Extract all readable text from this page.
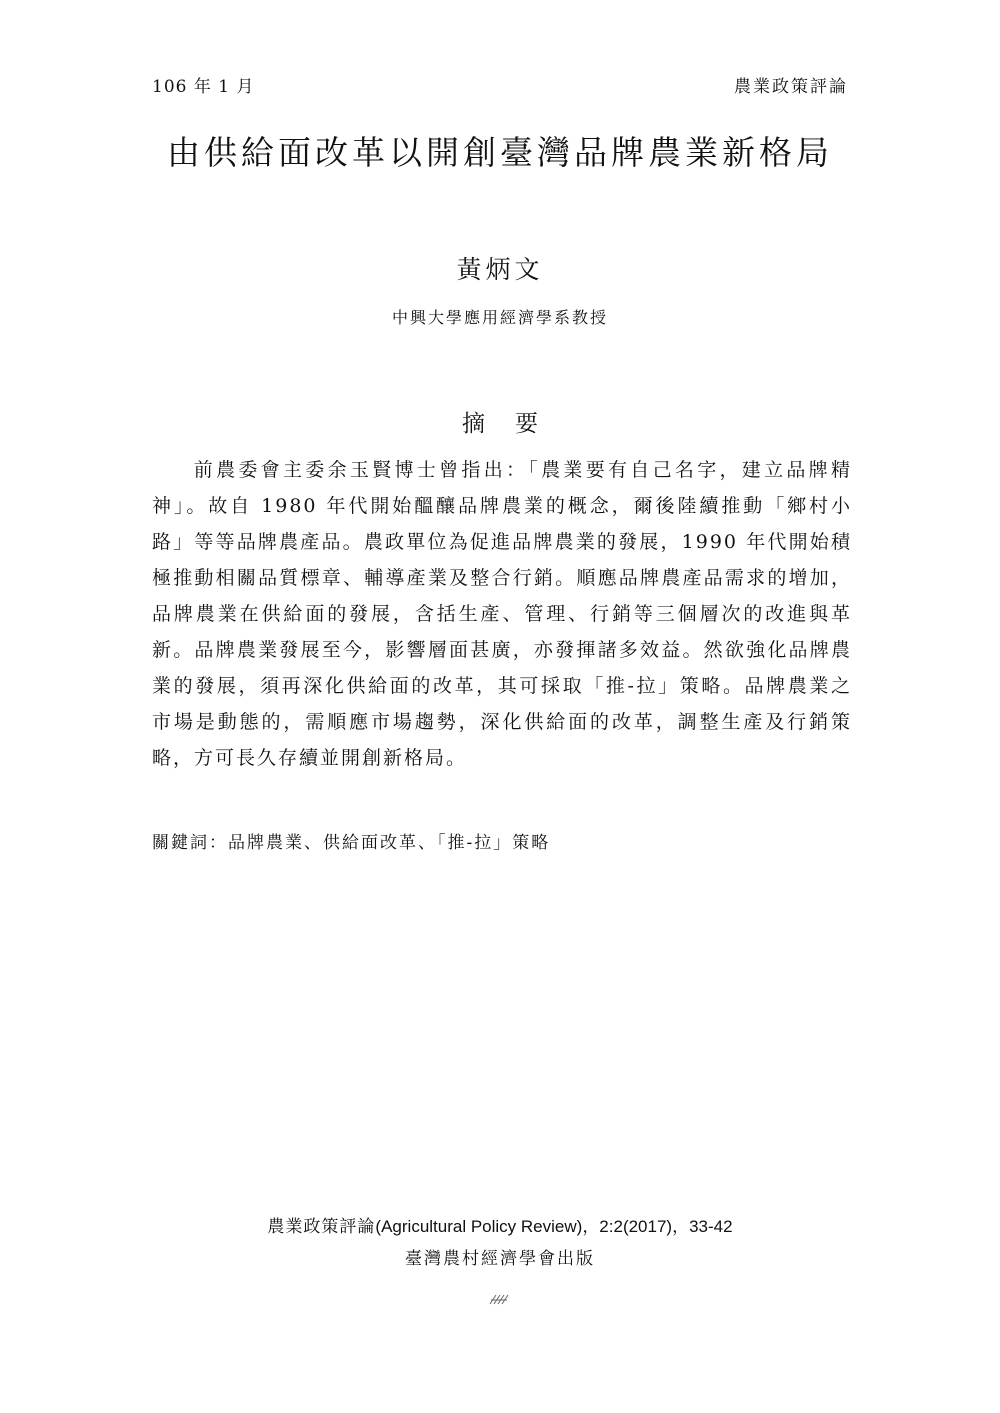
106 年 1 月	農業政策評論
由供給面改革以開創臺灣品牌農業新格局
黃炳文
中興大學應用經濟學系教授
摘要

前農委會主委余玉賢博士曾指出：「農業要有自己名字，建立品牌精神」。故自 1980 年代開始醞釀品牌農業的概念，爾後陸續推動「鄉村小路」等等品牌農產品。農政單位為促進品牌農業的發展，1990 年代開始積極推動相關品質標章、輔導產業及整合行銷。順應品牌農產品需求的增加，品牌農業在供給面的發展，含括生產、管理、行銷等三個層次的改進與革新。品牌農業發展至今，影響層面甚廣，亦發揮諸多效益。然欲強化品牌農業的發展，須再深化供給面的改革，其可採取「推-拉」策略。品牌農業之市場是動態的，需順應市場趨勢，深化供給面的改革，調整生產及行銷策略，方可長久存續並開創新格局。

關鍵詞：品牌農業、供給面改革、「推-拉」策略
農業政策評論(Agricultural Policy Review)，2:2(2017)，33-42
臺灣農村經濟學會出版
